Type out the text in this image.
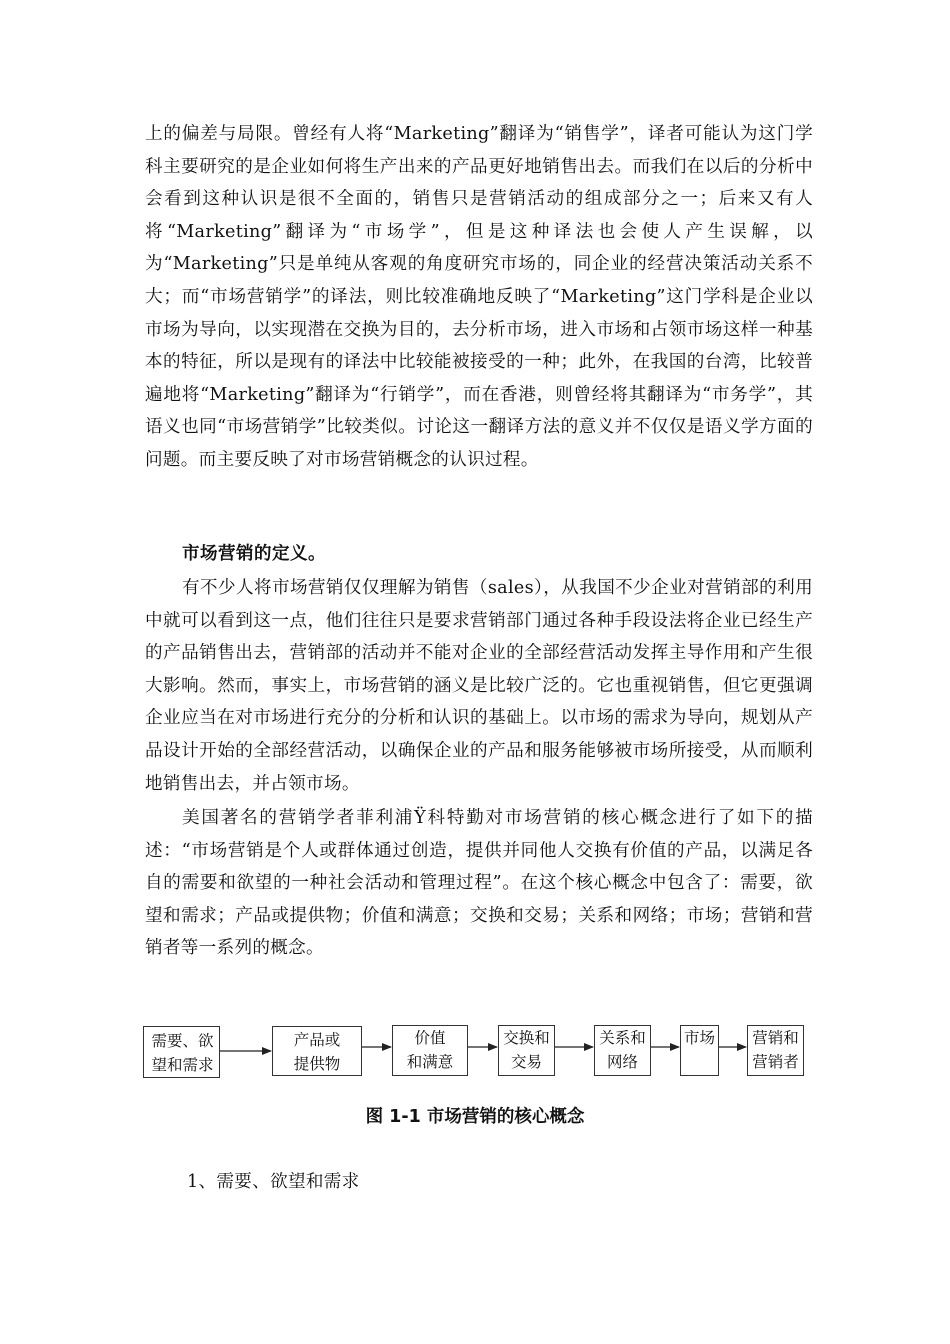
上的偏差与局限。曾经有人将“Marketing”翻译为“销售学”，译者可能认为这门学科主要研究的是企业如何将生产出来的产品更好地销售出去。而我们在以后的分析中会看到这种认识是很不全面的，销售只是营销活动的组成部分之一；后来又有人将“Marketing”翻译为“市场学”，但是这种译法也会使人产生误解，以为“Marketing”只是单纯从客观的角度研究市场的，同企业的经营决策活动关系不大；而“市场营销学”的译法，则比较准确地反映了“Marketing”这门学科是企业以市场为导向，以实现潜在交换为目的，去分析市场，进入市场和占领市场这样一种基本的特征，所以是现有的译法中比较能被接受的一种；此外，在我国的台湾，比较普遍地将“Marketing”翻译为“行销学”，而在香港，则曾经将其翻译为“市务学”，其语义也同“市场营销学”比较类似。讨论这一翻译方法的意义并不仅仅是语义学方面的问题。而主要反映了对市场营销概念的认识过程。

市场营销的定义。

有不少人将市场营销仅仅理解为销售（sales），从我国不少企业对营销部的利用中就可以看到这一点，他们往往只是要求营销部门通过各种手段设法将企业已经生产的产品销售出去，营销部的活动并不能对企业的全部经营活动发挥主导作用和产生很大影响。然而，事实上，市场营销的涵义是比较广泛的。它也重视销售，但它更强调企业应当在对市场进行充分的分析和认识的基础上。以市场的需求为导向，规划从产品设计开始的全部经营活动，以确保企业的产品和服务能够被市场所接受，从而顺利地销售出去，并占领市场。

美国著名的营销学者菲利浦Ÿ科特勤对市场营销的核心概念进行了如下的描述：“市场营销是个人或群体通过创造，提供并同他人交换有价值的产品，以满足各自的需要和欲望的一种社会活动和管理过程”。在这个核心概念中包含了：需要，欲望和需求；产品或提供物；价值和满意；交换和交易；关系和网络；市场；营销和营销者等一系列的概念。

需要、欲
望和需求
产品或
提供物
价值
和满意
交换和
交易
关系和
网络
市场 营销和
营销者

图 1-1 市场营销的核心概念

1、需要、欲望和需求
